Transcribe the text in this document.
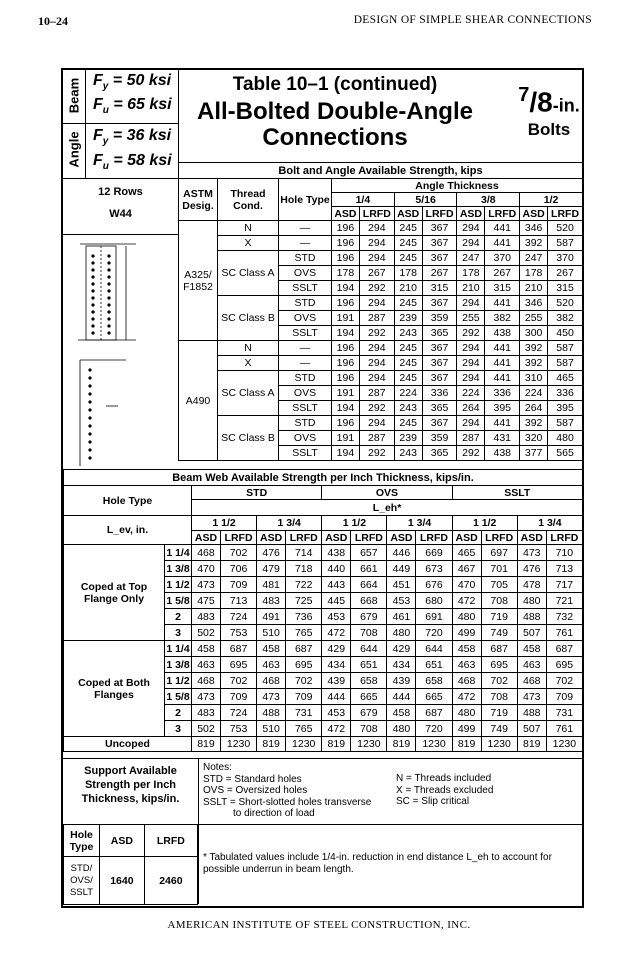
10–24	DESIGN OF SIMPLE SHEAR CONNECTIONS
Beam
Angle
$F_y = 50$ ksi
$F_u = 65$ ksi
$F_y = 36$ ksi
$F_u = 58$ ksi
Table 10–1 (continued)
All-Bolted Double-Angle
Connections
$^7$/8-in.
Bolts
Bolt and Angle Available Strength, kips										
ASTM Desig.	Thread Cond.	Hole Type	Angle Thickness							
			1/4		5/16		3/8		1/2	
			ASD	LRFD	ASD	LRFD	ASD	LRFD	ASD	LRFD
A325/ F1852	N	—	196	294	245	367	294	441	346	520
	X	—	196	294	245	367	294	441	392	587
	SC Class A	STD	196	294	245	367	247	370	247	370
		OVS	178	267	178	267	178	267	178	267
		SSLT	194	292	210	315	210	315	210	315
	SC Class B	STD	196	294	245	367	294	441	346	520
		OVS	191	287	239	359	255	382	255	382
		SSLT	194	292	243	365	292	438	300	450
A490	N	—	196	294	245	367	294	441	392	587
	X	—	196	294	245	367	294	441	392	587
	SC Class A	STD	196	294	245	367	294	441	310	465
		OVS	191	287	224	336	224	336	224	336
		SSLT	194	292	243	365	264	395	264	395
	SC Class B	STD	196	294	245	367	294	441	392	587
		OVS	191	287	239	359	287	431	320	480
		SSLT	194	292	243	365	292	438	377	565
12 Rows
W44
Beam Web Available Strength per Inch Thickness, kips/in.													
Hole Type		STD				OVS				SSLT			
		L_eh*											
L_ev, in.		1 1/2		1 3/4		1 1/2		1 3/4		1 1/2		1 3/4	
		ASD	LRFD	ASD	LRFD	ASD	LRFD	ASD	LRFD	ASD	LRFD	ASD	LRFD
Coped at Top Flange Only	1 1/4	468	702	476	714	438	657	446	669	465	697	473	710
	1 3/8	470	706	479	718	440	661	449	673	467	701	476	713
	1 1/2	473	709	481	722	443	664	451	676	470	705	478	717
	1 5/8	475	713	483	725	445	668	453	680	472	708	480	721
	2	483	724	491	736	453	679	461	691	480	719	488	732
	3	502	753	510	765	472	708	480	720	499	749	507	761
Coped at Both Flanges	1 1/4	458	687	458	687	429	644	429	644	458	687	458	687
	1 3/8	463	695	463	695	434	651	434	651	463	695	463	695
	1 1/2	468	702	468	702	439	658	439	658	468	702	468	702
	1 5/8	473	709	473	709	444	665	444	665	472	708	473	709
	2	483	724	488	731	453	679	458	687	480	719	488	731
	3	502	753	510	765	472	708	480	720	499	749	507	761
Uncoped		819	1230	819	1230	819	1230	819	1230	819	1230	819	1230
Support Available Strength per Inch Thickness, kips/in.
Notes:
STD = Standard holes
OVS = Oversized holes
SSLT = Short-slotted holes transverse
to direction of load
N = Threads included
X = Threads excluded
SC = Slip critical
Hole Type	ASD	LRFD
STD/ OVS/ SSLT	1640	2460
* Tabulated values include 1/4-in. reduction in end distance L_eh to account for possible underrun in beam length.
AMERICAN INSTITUTE OF STEEL CONSTRUCTION, INC.
